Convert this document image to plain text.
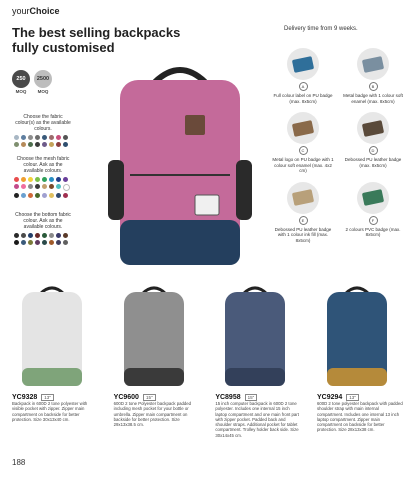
yourChoice
The best selling backpacks
fully customised
Delivery time from 9 weeks.
250
MOQ
2500
MOQ
Choose the fabric colour(s) as the available colours.
Choose the mesh fabric colour. Ask as the available colours.
Choose the bottom fabric colour. Ask as the available colours.
A
Full colour label on PU badge (max. 8x5cm)
B
Metal badge with 1 colour soft enamel (max. 8x5cm)
C
Metal logo on PU badge with 1 colour soft enamel (max. 4x2 cm)
D
Debossed PU leather badge (max. 8x5cm)
E
Debossed PU leather badge with 1 colour ink fill (max. 8x5cm)
F
2 colours PVC badge (max. 8x5cm)
YC9328	13"
Backpack in 600D 2 tone polyester with visible pocket with zipper. Zipper main compartment on backside for better protection. Size 30x13x40 cm.
YC9600	15"
600D 2 tone Polyester backpack padded including mesh pocket for your bottle or umbrella. Zipper main compartment on backside for better protection. Size 29x13x38.5 cm.
YC8958	15"
15 inch computer backpack in 600D 2 tone polyester. Includes one internal 15 inch laptop compartment and one main front part with zipper pocket. Padded back and shoulder straps. Additional pocket for tablet compartment. Trolley holder back side. Size 30x14x45 cm.
YC9294	13"
600D 2 tone polyester backpack with padded shoulder strap with main internal compartment. Includes one internal 13 inch laptop compartment. Zipper main compartment on backside for better protection. Size 28x13x38 cm.
188
